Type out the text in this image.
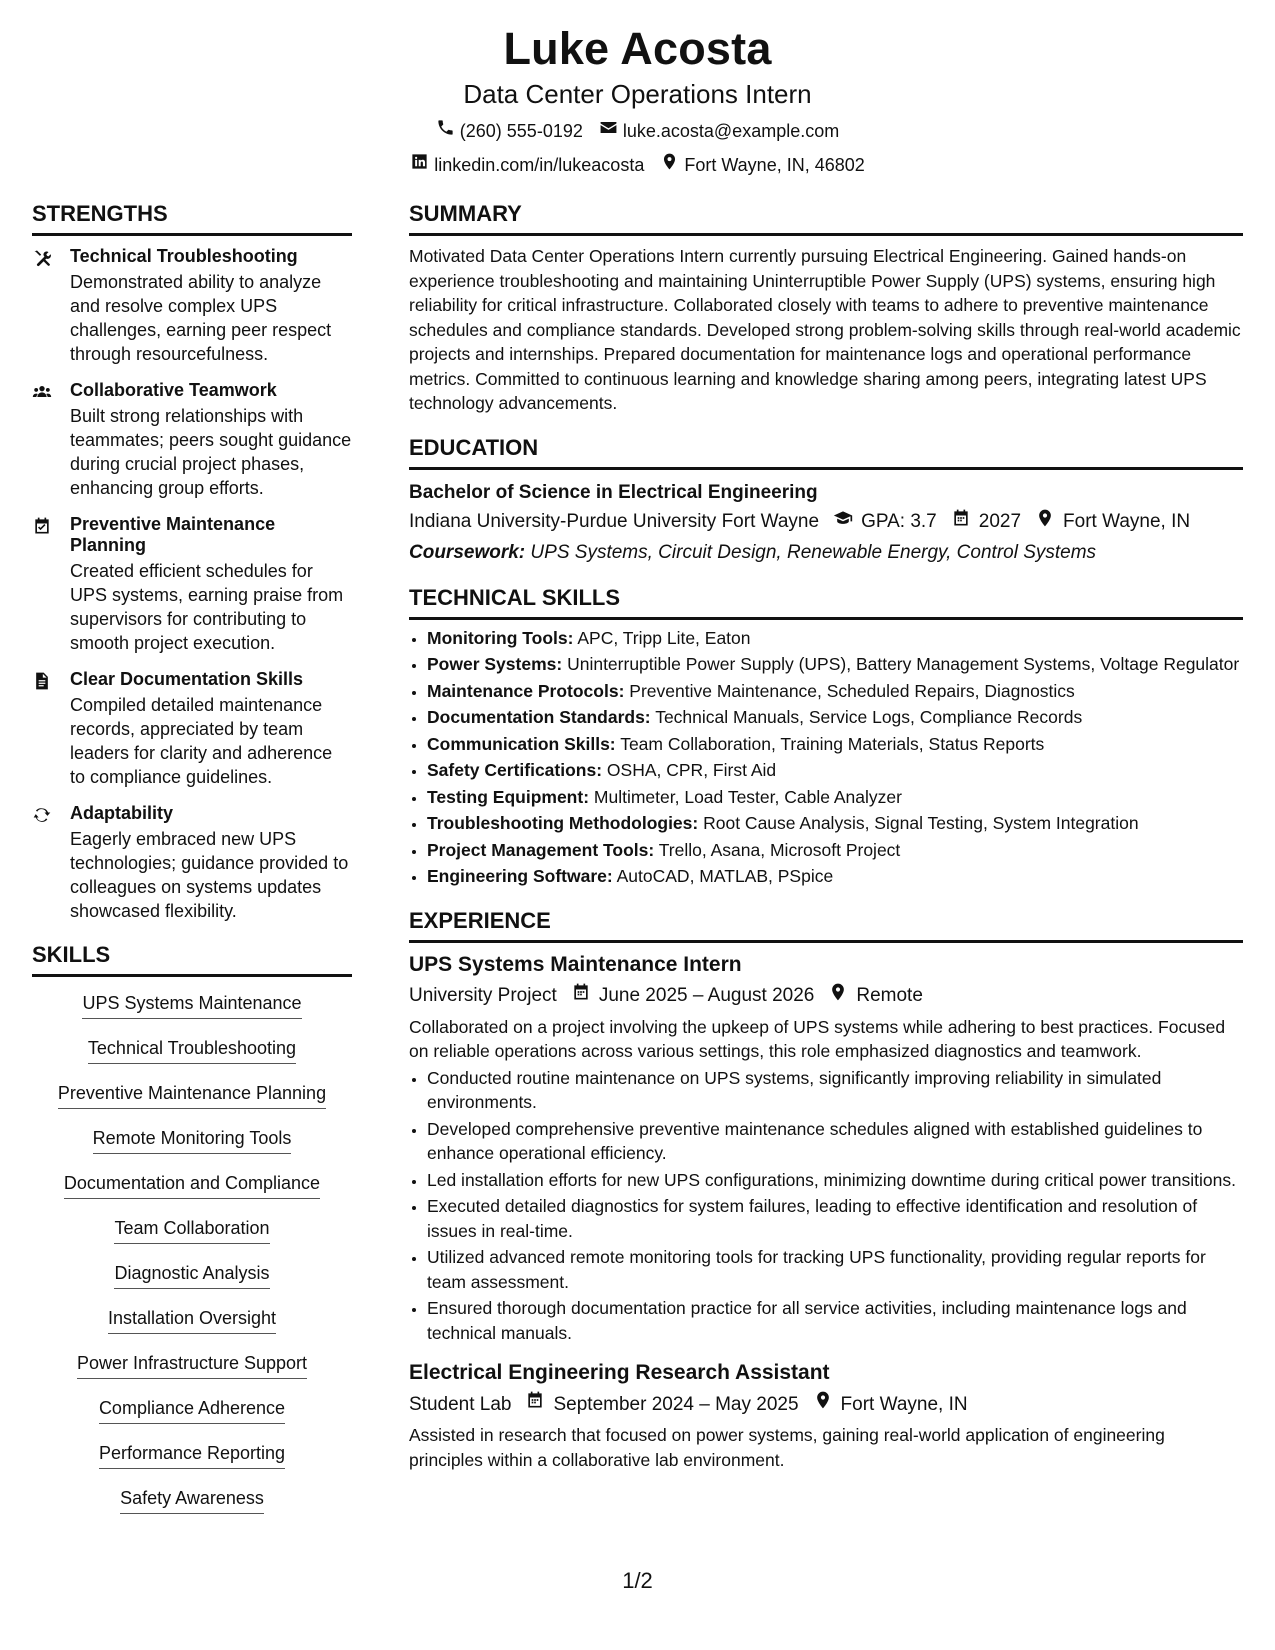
Luke Acosta
Data Center Operations Intern
(260) 555-0192 luke.acosta@example.com
linkedin.com/in/lukeacosta Fort Wayne, IN, 46802
STRENGTHS
Technical Troubleshooting
Demonstrated ability to analyze and resolve complex UPS challenges, earning peer respect through resourcefulness.
Collaborative Teamwork
Built strong relationships with teammates; peers sought guidance during crucial project phases, enhancing group efforts.
Preventive Maintenance Planning
Created efficient schedules for UPS systems, earning praise from supervisors for contributing to smooth project execution.
Clear Documentation Skills
Compiled detailed maintenance records, appreciated by team leaders for clarity and adherence to compliance guidelines.
Adaptability
Eagerly embraced new UPS technologies; guidance provided to colleagues on systems updates showcased flexibility.
SKILLS
UPS Systems Maintenance
Technical Troubleshooting
Preventive Maintenance Planning
Remote Monitoring Tools
Documentation and Compliance
Team Collaboration
Diagnostic Analysis
Installation Oversight
Power Infrastructure Support
Compliance Adherence
Performance Reporting
Safety Awareness
SUMMARY
Motivated Data Center Operations Intern currently pursuing Electrical Engineering. Gained hands-on experience troubleshooting and maintaining Uninterruptible Power Supply (UPS) systems, ensuring high reliability for critical infrastructure. Collaborated closely with teams to adhere to preventive maintenance schedules and compliance standards. Developed strong problem-solving skills through real-world academic projects and internships. Prepared documentation for maintenance logs and operational performance metrics. Committed to continuous learning and knowledge sharing among peers, integrating latest UPS technology advancements.
EDUCATION
Bachelor of Science in Electrical Engineering
Indiana University-Purdue University Fort Wayne GPA: 3.7 2027 Fort Wayne, IN
Coursework: UPS Systems, Circuit Design, Renewable Energy, Control Systems
TECHNICAL SKILLS
• Monitoring Tools: APC, Tripp Lite, Eaton
• Power Systems: Uninterruptible Power Supply (UPS), Battery Management Systems, Voltage Regulator
• Maintenance Protocols: Preventive Maintenance, Scheduled Repairs, Diagnostics
• Documentation Standards: Technical Manuals, Service Logs, Compliance Records
• Communication Skills: Team Collaboration, Training Materials, Status Reports
• Safety Certifications: OSHA, CPR, First Aid
• Testing Equipment: Multimeter, Load Tester, Cable Analyzer
• Troubleshooting Methodologies: Root Cause Analysis, Signal Testing, System Integration
• Project Management Tools: Trello, Asana, Microsoft Project
• Engineering Software: AutoCAD, MATLAB, PSpice
EXPERIENCE
UPS Systems Maintenance Intern
University Project June 2025 – August 2026 Remote
Collaborated on a project involving the upkeep of UPS systems while adhering to best practices. Focused on reliable operations across various settings, this role emphasized diagnostics and teamwork.
• Conducted routine maintenance on UPS systems, significantly improving reliability in simulated environments.
• Developed comprehensive preventive maintenance schedules aligned with established guidelines to enhance operational efficiency.
• Led installation efforts for new UPS configurations, minimizing downtime during critical power transitions.
• Executed detailed diagnostics for system failures, leading to effective identification and resolution of issues in real-time.
• Utilized advanced remote monitoring tools for tracking UPS functionality, providing regular reports for team assessment.
• Ensured thorough documentation practice for all service activities, including maintenance logs and technical manuals.
Electrical Engineering Research Assistant
Student Lab September 2024 – May 2025 Fort Wayne, IN
Assisted in research that focused on power systems, gaining real-world application of engineering principles within a collaborative lab environment.
1/2
